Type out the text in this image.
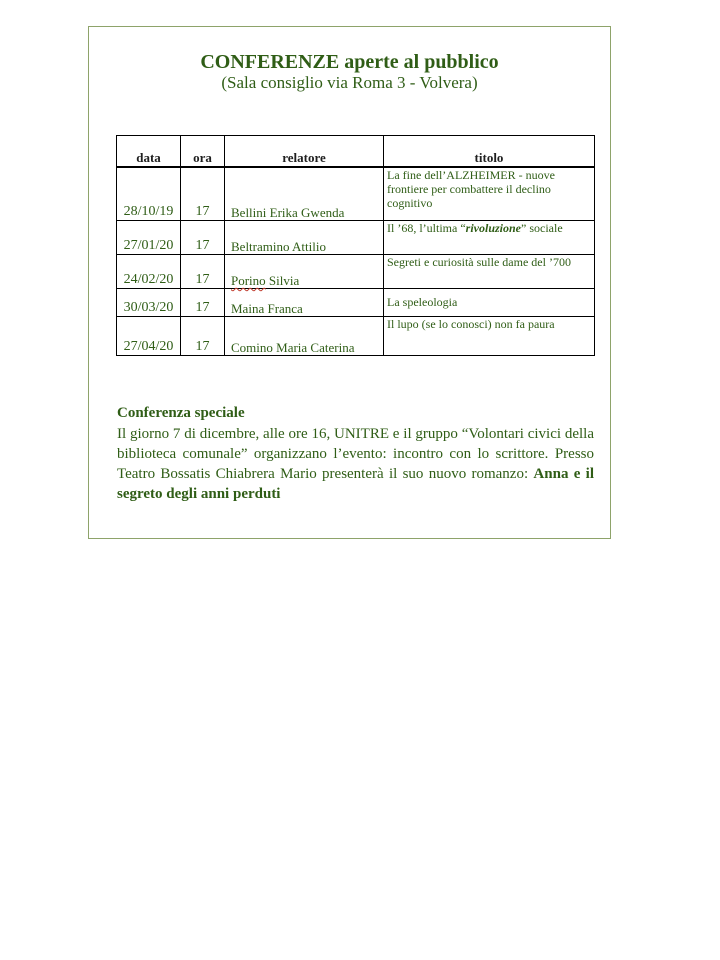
CONFERENZE aperte al pubblico
(Sala consiglio via Roma 3 - Volvera)
data	ora	relatore	titolo
28/10/19	17	Bellini Erika Gwenda	La fine dell’ALZHEIMER - nuove frontiere per combattere il declino cognitivo
27/01/20	17	Beltramino Attilio	Il ’68, l’ultima “rivoluzione” sociale
24/02/20	17	Porino Silvia	Segreti e curiosità sulle dame del ’700
30/03/20	17	Maina Franca	La speleologia
27/04/20	17	Comino Maria Caterina	Il lupo (se lo conosci) non fa paura
Conferenza speciale
Il giorno 7 di dicembre, alle ore 16, UNITRE e il gruppo “Volontari civici della biblioteca comunale” organizzano l’evento: incontro con lo scrittore. Presso Teatro Bossatis Chiabrera Mario presenterà il suo nuovo romanzo: Anna e il segreto degli anni perduti
